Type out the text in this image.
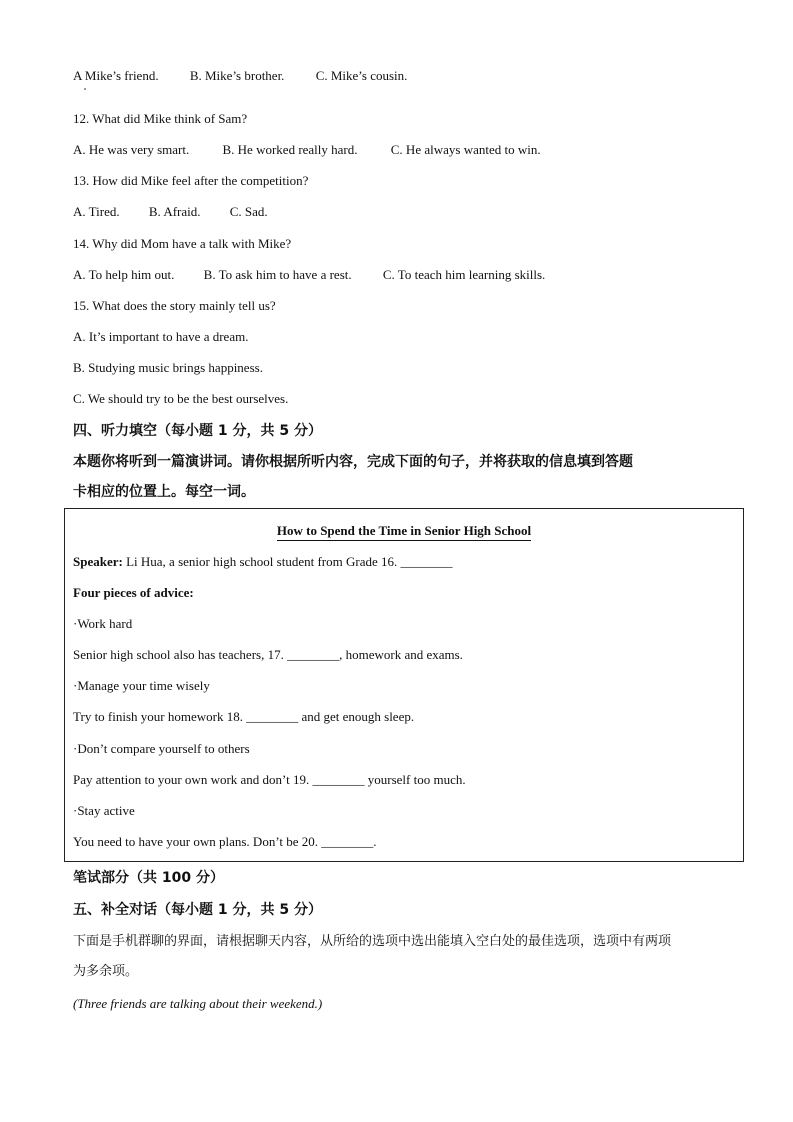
A Mike’s friend. B. Mike’s brother. C. Mike’s cousin.
12. What did Mike think of Sam?
A. He was very smart.	B. He worked really hard.	C. He always wanted to win.
13. How did Mike feel after the competition?
A. Tired. B. Afraid. C. Sad.
14. Why did Mom have a talk with Mike?
A. To help him out. B. To ask him to have a rest. C. To teach him learning skills.
15. What does the story mainly tell us?
A. It’s important to have a dream.
B. Studying music brings happiness.
C. We should try to be the best ourselves.
四、听力填空（每小题 1 分，共 5 分）
本题你将听到一篇演讲词。请你根据所听内容，完成下面的句子，并将获取的信息填到答题
卡相应的位置上。每空一词。
How to Spend the Time in Senior High School
Speaker: Li Hua, a senior high school student from Grade 16. ________
Four pieces of advice:
·Work hard
Senior high school also has teachers, 17. ________, homework and exams.
·Manage your time wisely
Try to finish your homework 18. ________ and get enough sleep.
·Don’t compare yourself to others
Pay attention to your own work and don’t 19. ________ yourself too much.
·Stay active
You need to have your own plans. Don’t be 20. ________.
笔试部分（共 100 分）
五、补全对话（每小题 1 分，共 5 分）
下面是手机群聊的界面，请根据聊天内容，从所给的选项中选出能填入空白处的最佳选项，选项中有两项
为多余项。
(Three friends are talking about their weekend.)
